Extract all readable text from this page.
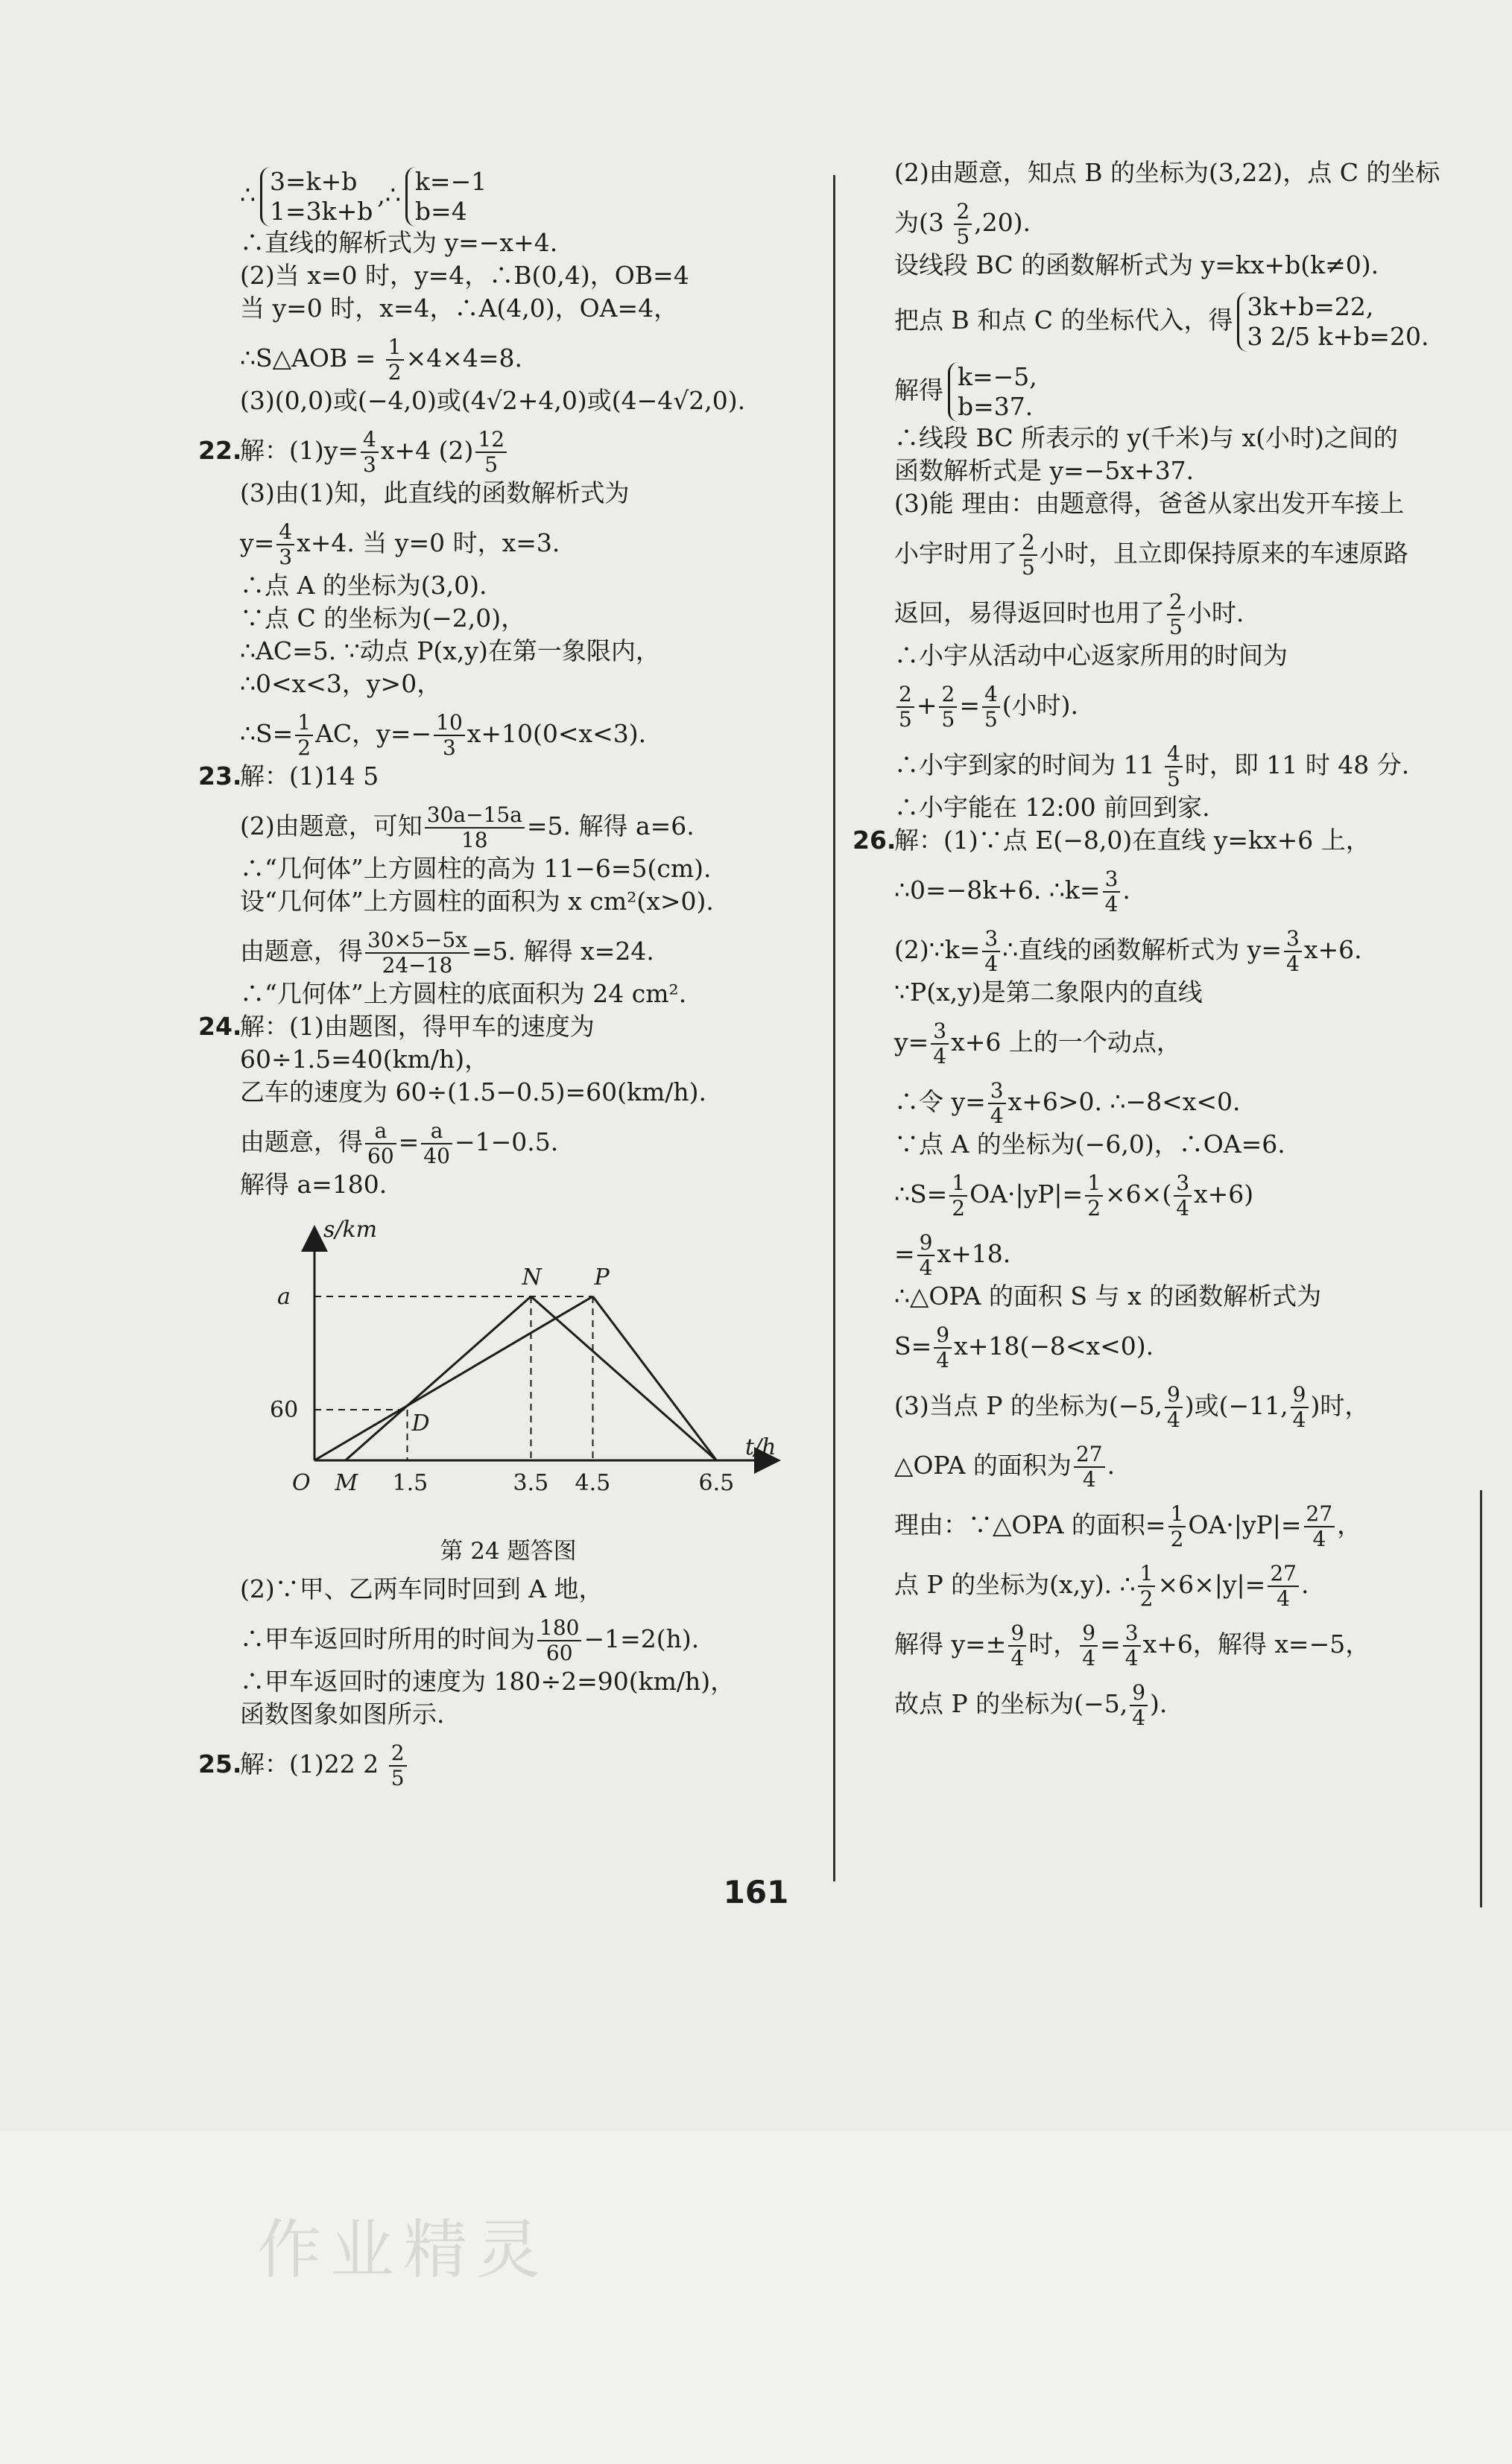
∴ 3=k+b
1=3k+b
,∴ k=−1
b=4
∴直线的解析式为 y=−x+4.
(2)当 x=0 时，y=4，∴B(0,4)，OB=4
当 y=0 时，x=4，∴A(4,0)，OA=4，
∴S△AOB = $\frac{1}{2} \times 4\times 4=8$.
(3)(0,0)或(−4,0)或(4√2+4,0)或(4−4√2,0).
22.解：$(1)y= \frac{4}{3} x+4$ $(2) \frac{12}{5}$
(3)由(1)知，此直线的函数解析式为
$y= \frac{4}{3} x+4$. 当 y=0 时，x=3.
∴点 A 的坐标为(3,0).
∵点 C 的坐标为(−2,0)，
∴AC=5. ∵动点 P(x,y)在第一象限内，
∴0<x<3，y>0，
∴S= $\frac{1}{2}$ AC，$y=- \frac{10}{3} x+10(0<x<3)$.
23.解：(1)14 5
(2)由题意，可知 $\frac{30a-15a}{18} =5$. 解得 a=6.
∴“几何体”上方圆柱的高为 11−6=5(cm).
设“几何体”上方圆柱的面积为 x cm²(x>0).
由题意，得 $\frac{30\times 5-5x}{24-18} =5$. 解得 x=24.
∴“几何体”上方圆柱的底面积为 24 cm².
24.解：(1)由题图，得甲车的速度为
60÷1.5=40(km/h)，
乙车的速度为 60÷(1.5−0.5)=60(km/h).
由题意，得 $\frac{a}{60} = \frac{a}{40} -1-0.5$.
解得 a=180.
s/km
t/h
a
60
1.5	3.5 4.5	6.5
O M
D
N P
第 24 题答图
(2)∵甲、乙两车同时回到 A 地，
∴甲车返回时所用的时间为 $\frac{180}{60} -1=2(h)$.
∴甲车返回时的速度为 180÷2=90(km/h)，
函数图象如图所示.
25.解：(1)22 $2 \frac{2}{5}$
(2)由题意，知点 B 的坐标为(3,22)，点 C 的坐标
为$(3 \frac{2}{5} ,20)$.
设线段 BC 的函数解析式为 y=kx+b(k≠0).
把点 B 和点 C 的坐标代入，得 3k+b=22,
3 2/5 k+b=20.
解得 k=−5,
b=37.
∴线段 BC 所表示的 y(千米)与 x(小时)之间的
函数解析式是 y=−5x+37.
(3)能 理由：由题意得，爸爸从家出发开车接上
小宇时用了 $\frac{2}{5}$ 小时，且立即保持原来的车速原路
返回，易得返回时也用了 $\frac{2}{5}$ 小时.
∴小宇从活动中心返家所用的时间为
$\frac{2}{5} + \frac{2}{5} = \frac{4}{5}$ (小时).
∴小宇到家的时间为 $11 \frac{4}{5}$ 时，即 11 时 48 分.
∴小宇能在 12:00 前回到家.
26.解：(1)∵点 E(−8,0)在直线 y=kx+6 上，
∴0=−8k+6. ∴k= $\frac{3}{4}$ .
(2)∵k= $\frac{3}{4}$ ∴直线的函数解析式为 $y= \frac{3}{4} x+6$.
∵P(x,y)是第二象限内的直线
$y= \frac{3}{4} x+6$ 上的一个动点，
∴令 $y= \frac{3}{4} x+6>0$. ∴−8<x<0.
∵点 A 的坐标为(−6,0)，∴OA=6.
∴S= $\frac{1}{2} OA\cdot|yP|= \frac{1}{2} \times 6\times( \frac{3}{4} x+6)$
= $\frac{9}{4} x+18$.
∴△OPA 的面积 S 与 x 的函数解析式为
$S= \frac{9}{4} x+18(-8<x<0)$.
(3)当点 P 的坐标为(−5, $\frac{9}{4}$ )或(−11, $\frac{9}{4}$ )时，
△OPA 的面积为 $\frac{27}{4}$ .
理由：∵△OPA 的面积= $\frac{1}{2} OA\cdot|yP|= \frac{27}{4}$ ，
点 P 的坐标为(x,y). ∴ $\frac{1}{2} \times 6\times|y|= \frac{27}{4}$ .
解得 $y=\pm \frac{9}{4}$ 时， $\frac{9}{4} = \frac{3}{4} x+6$，解得 x=−5，
故点 P 的坐标为(−5, $\frac{9}{4}$ ).
161
作业精灵
